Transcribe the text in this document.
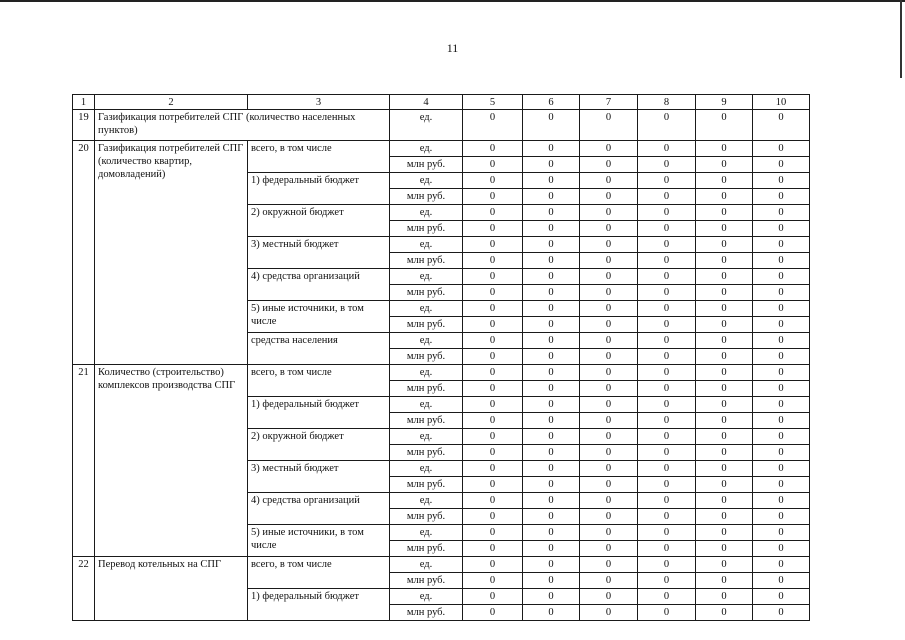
11
1	2	3	4	5	6	7	8	9	10
19	Газификация потребителей СПГ (количество населенных пунктов)		ед.	0	0	0	0	0	0
20	Газификация потребителей СПГ (количество квартир, домовладений)	всего, в том числе	ед.	0	0	0	0	0	0
			млн руб.	0	0	0	0	0	0
		1) федеральный бюджет	ед.	0	0	0	0	0	0
			млн руб.	0	0	0	0	0	0
		2) окружной бюджет	ед.	0	0	0	0	0	0
			млн руб.	0	0	0	0	0	0
		3) местный бюджет	ед.	0	0	0	0	0	0
			млн руб.	0	0	0	0	0	0
		4) средства организаций	ед.	0	0	0	0	0	0
			млн руб.	0	0	0	0	0	0
		5) иные источники, в том числе	ед.	0	0	0	0	0	0
			млн руб.	0	0	0	0	0	0
		средства населения	ед.	0	0	0	0	0	0
			млн руб.	0	0	0	0	0	0
21	Количество (строительство) комплексов производства СПГ	всего, в том числе	ед.	0	0	0	0	0	0
			млн руб.	0	0	0	0	0	0
		1) федеральный бюджет	ед.	0	0	0	0	0	0
			млн руб.	0	0	0	0	0	0
		2) окружной бюджет	ед.	0	0	0	0	0	0
			млн руб.	0	0	0	0	0	0
		3) местный бюджет	ед.	0	0	0	0	0	0
			млн руб.	0	0	0	0	0	0
		4) средства организаций	ед.	0	0	0	0	0	0
			млн руб.	0	0	0	0	0	0
		5) иные источники, в том числе	ед.	0	0	0	0	0	0
			млн руб.	0	0	0	0	0	0
22	Перевод котельных на СПГ	всего, в том числе	ед.	0	0	0	0	0	0
			млн руб.	0	0	0	0	0	0
		1) федеральный бюджет	ед.	0	0	0	0	0	0
			млн руб.	0	0	0	0	0	0
